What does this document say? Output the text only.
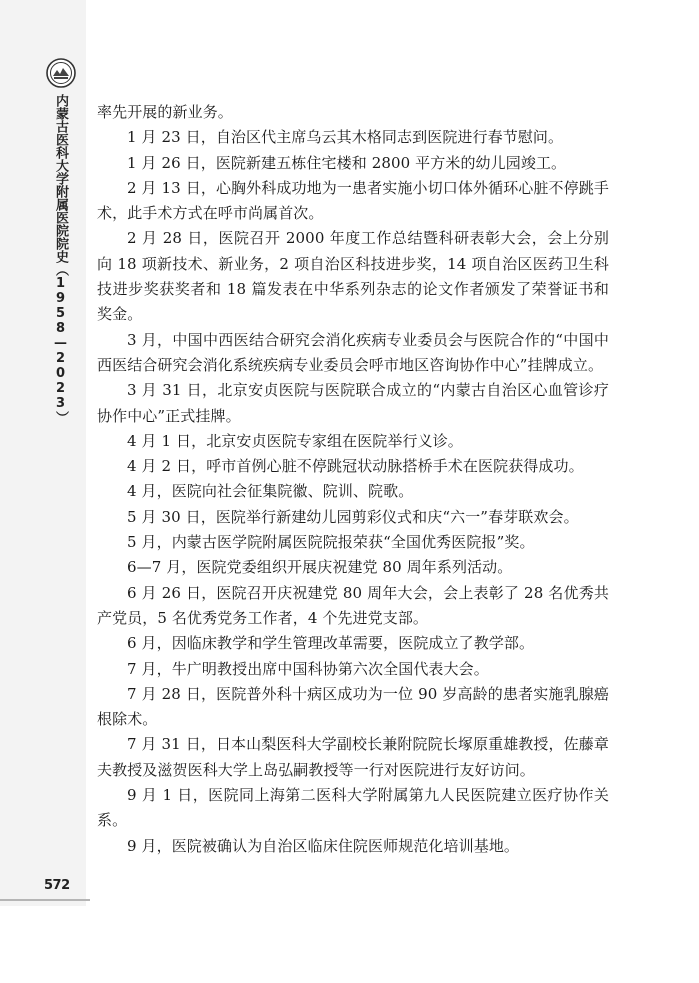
内蒙古医科大学附属医院院史（1958—2023）
572

率先开展的新业务。

1 月 23 日，自治区代主席乌云其木格同志到医院进行春节慰问。

1 月 26 日，医院新建五栋住宅楼和 2800 平方米的幼儿园竣工。

2 月 13 日，心胸外科成功地为一患者实施小切口体外循环心脏不停跳手术，此手术方式在呼市尚属首次。

2 月 28 日，医院召开 2000 年度工作总结暨科研表彰大会，会上分别向 18 项新技术、新业务，2 项自治区科技进步奖，14 项自治区医药卫生科技进步奖获奖者和 18 篇发表在中华系列杂志的论文作者颁发了荣誉证书和奖金。

3 月，中国中西医结合研究会消化疾病专业委员会与医院合作的“中国中西医结合研究会消化系统疾病专业委员会呼市地区咨询协作中心”挂牌成立。

3 月 31 日，北京安贞医院与医院联合成立的“内蒙古自治区心血管诊疗协作中心”正式挂牌。

4 月 1 日，北京安贞医院专家组在医院举行义诊。

4 月 2 日，呼市首例心脏不停跳冠状动脉搭桥手术在医院获得成功。

4 月，医院向社会征集院徽、院训、院歌。

5 月 30 日，医院举行新建幼儿园剪彩仪式和庆“六一”春芽联欢会。

5 月，内蒙古医学院附属医院院报荣获“全国优秀医院报”奖。

6—7 月，医院党委组织开展庆祝建党 80 周年系列活动。

6 月 26 日，医院召开庆祝建党 80 周年大会，会上表彰了 28 名优秀共产党员，5 名优秀党务工作者，4 个先进党支部。

6 月，因临床教学和学生管理改革需要，医院成立了教学部。

7 月，牛广明教授出席中国科协第六次全国代表大会。

7 月 28 日，医院普外科十病区成功为一位 90 岁高龄的患者实施乳腺癌根除术。

7 月 31 日，日本山梨医科大学副校长兼附院院长塚原重雄教授，佐藤章夫教授及滋贺医科大学上岛弘嗣教授等一行对医院进行友好访问。

9 月 1 日，医院同上海第二医科大学附属第九人民医院建立医疗协作关系。

9 月，医院被确认为自治区临床住院医师规范化培训基地。
